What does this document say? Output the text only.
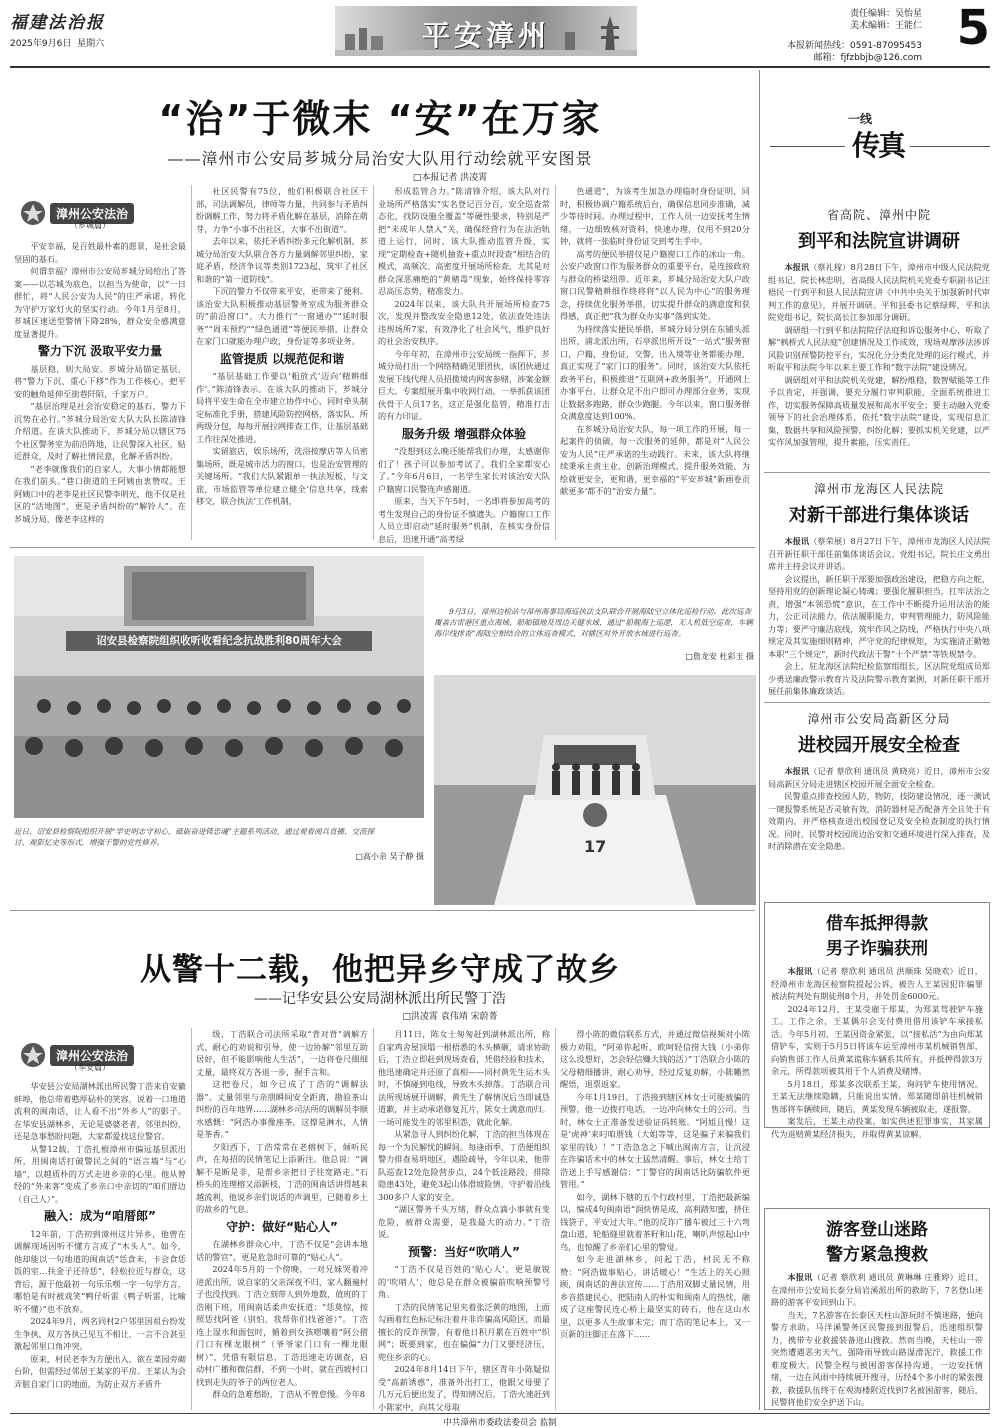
福建法治报
2025年9月6日 星期六	平安漳州
责任编辑：吴怡星
美术编辑：王能仁
本报新闻热线：0591-87095453
邮箱：fjfzbbjb@126.com
5
“治”于微末 “安”在万家
——漳州市公安局芗城分局治安大队用行动绘就平安图景
□本报记者 洪凌霄
漳州公安法治
（芗城篇）

平安幸福，是百姓最朴素的愿景，是社会最坚固的基石。

何谓幸福？漳州市公安局芗城分局给出了答案——以芯城为底色，以担当为使命，以“一日群忙，将“人民公安为人民”的庄严承诺，转化为守护万家灯火的坚实行动。今年1月至8月，芗城区速送型警情下降28%，群众安全感满意度显著提升。

警力下沉 汲取平安力量

基层稳，则大局安。芗城分局锚定基层，将“警力下沉、重心下移”作为工作核心，把平安的触角延伸至街巷阡陌，千家万户。

“基层治理是社会治安稳定的基石，警力下沉势在必行。”芗城分局治安大队大队长陈清锋介绍道。在该大队推动下，芗城分局以辖区75个社区警务室为前沿阵地，让民警深入社区，贴近群众，及时了解社情民意，化解矛盾纠纷。

“老李就像我们的自家人，大事小情都能想在我们前头。”巷口街道的王阿姨由衷赞叹。王阿姨口中的老李是社区民警李明光，他不仅是社区的“活地图”，更是矛盾纠纷的“解铃人”。在芗城分局，像老李这样的

社区民警有75位，他们积极联合社区干部，司法调解员，律师等力量，共同参与矛盾纠纷调解工作，努力将矛盾化解在基层，消除在萌芽，力争“小事不出社区，大事不出街道”。

去年以来，依托矛盾纠纷多元化解机制，芗城分局治安大队联合各方力量调解邻里纠纷，家庭矛盾，经济争议等类别1723起，筑牢了社区和谐的“第一道防线”。

下沉的警力不仅带来平安，更带来了便利。该治安大队积极推动基层警务室成为服务群众的“前沿窗口”，大力推行“一窗通办”“延时服务”“周末预约”“绿色通道”等便民举措，让群众在家门口就能办理户政，身份证等多项业务。

监管提质 以规范促和谐

“基层基础工作要以‘粗放式’迈向‘精耕细作’。”陈清锋表示。在该大队的推动下，芗城分局将平安生命在全市建立协作中心，同时牵头制定标准化手册，搭建风险防控网格，落实队、所两级分包，每每开展拉网排查工作，让基层基础工作往深处推进。

实留旅店，娱乐场所，洗浴按摩店等人员密集场所，既是城市活力的窗口，也是治安管理的关键场所。“我们大队紧跟单一执法短板，与文旅，市场监管等单位建立健全‘信息共享，线索移交，联合执法’工作机制，

形成监管合力。”陈清锋介绍，该大队对行业场所严格落实“实名登记百分百，安全巡查常态化，找防设施全覆盖”等硬性要求，特别是严把“未成年人禁入”关，确保经营行为在法治轨道上运行，同时，该大队推动监管升级，实现“定期检查+随机抽查+重点时段查”相结合的模式，高频次、高密度开展场所检查，尤其是对群众深恶痛绝的“黄赌毒”现象，始终保持零容忍高压态势，精准发力。

2024年以来，该大队共开展场所检查75次，发现并整改安全隐患12处，依法查处违法违规场所7家，有效净化了社会风气，维护良好的社会治安秩序。

今年年初，在漳州市公安局统一指挥下，芗城分局打出一个网络精确见罪团伙，该团伙通过发展下线代理人员招揽境内网客参赌，涉案金额巨大。专案组展开集中收网行动，一举抓获该团伙骨干人员17名，这正是强化监管，精准打击的有力印证。

服务升级 增强群众体验

“没想到这么晚还能帮我们办理，太感谢你们了！孩子可以参加考试了，我们全家都安心了。”今年6月6日，一名学生家长对该治安大队户籍窗口民警连声感谢道。

原来，当天下午5时，一名即将参加高考的考生发现自己的身份证不慎遗失。户籍窗口工作人员立即启动“延时服务”机制，在核实身份信息后，迅速开通“高考绿

色通道”，为该考生加急办理临时身份证明，同时，积极协调户籍系统后台，确保信息同步准确，减少等待时间。办理过程中，工作人员一边安抚考生情绪，一边细致核对资料，快速办理，仅用不到20分钟，就将一张临时身份证交到考生手中。

高考的便民举措仅是户籍窗口工作的冰山一角。公安户政窗口作为服务群众的重要平台，是连接政府与群众的桥梁纽带。近年来，芗城分局治安大队户政窗口民警精耕细作终将将“以人民为中心”的服务理念，持续优化服务举措，切实提升群众的满意度和获得感，真正把“我为群众办实事”落到实处。

为持续落实便民举措，芗城分局分别在东铺头派出所，浦北派出所，石亭派出所开设“一站式”服务窗口，户籍，身份证，交警，出入境等业务都能办理，真正实现了“家门口的服务”。同时，该治安大队依托政务平台，积极推进“互联网+政务服务”，开通网上办事平台，让群众足不出户即可办理部分业务，实现让数据多跑路，群众少跑腿。今年以来，窗口服务群众满意度达到100%。

在芗城分局治安大队，每一项工作的开展，每一起案件的侦破，每一次服务的延伸，都是对“人民公安为人民”庄严承诺的生动践行。未来，该大队将继续秉承主责主业，创新治理模式，提升服务效能，为绘就更安全，更和谐，更幸福的“平安芗城”新画卷贡献更多‘都不的“治安力量”。

诏安县检察院组织收听收看纪念抗战胜利80周年大会
近日，诏安县检察院组织开展“学史明志守初心，砥砺奋进铸忠魂”主题系列活动，通过观看阅兵直播、交流探讨、观影忆史等形式，增强干警的党性修养。
□高小亲 吴子静 摄
9月3日，漳州边检站与漳州海事局海巡执法支队联合开展海陆空立体化巡检行动。此次巡查覆盖古雷港区重点海域、船舶锚地及周边关键水域，通过“船舰海上巡逻，无人机低空巡查，车辆海岸线排查”海陆空相结合的立体巡查模式，对辖区对外开放水域进行巡查。
□詹龙安 杜彩玉 摄
17
从警十二载，他把异乡守成了故乡
——记华安县公安局湖林派出所民警丁浩
□洪凌霄 袁伟靖 宋蔚菁
漳州公安法治
（华安篇）

华安县公安局湖林派出所民警丁浩来自安徽蚌埠，他总带着憨厚砧朴的笑容，说着一口地道流利的闽南话，让人看不出“外乡人”的影子。在华安县湖林乡，无论是婆婆老者，邻里纠纷，还是急事愁盼问题，大家都爱找这位警官。

从警12载，丁浩扎根漳州市偏远基层派出所，用闽南话打破警民之间的“语言墙”与“心墙”，以越质朴的方式走进乡亲的心里。他从曾经的“外来客”变成了乡亲口中亲切的“咱们厝边（自己人）”。

融入：成为“咱厝郎”

12年前，丁浩初到漳州这片异乡，他曾在调解现场因听不懂方言成了“木头人”。如今，他却能以一句地道的闽南话“恁食未，卡会食恁饭的室…扶金子还待恁”，轻松拉近与群众，这背后，源于他最初一句乐乐嘿一字一句学方言，哪怕是有时被戏笑“鸭仔听雷（鸭子听雷，比喻听不懂）”也不放弃。

2024年9月，两名同村2户邻里因祖台纷发生争执，双方各执己见互不相让，一言不合甚至激起邻里口角冲突。

原来，村民老李为方便出入，欲在菜园旁砌台阶，但需经过邻居王某家的平房。王某认为会弄脏自家门口的地面，为防止双方矛盾升

级，丁浩联合司法所采取“背对背”调解方式，耐心的劝说和引导，使一边协解”邻里互助居好，但不能影响他人生活”，一边将卷尺细细丈量，最终双方各退一步，握手言和。

这把卷尺，如今已成了丁浩的“调解法器”。丈量邻里与亲朋瞬间安全距离，勘验茶山纠纷的百年地界……湖林乡司法所的调解员李顺水感慨：“阿浩办事像座茶，这撑是淋水，人情是茶香。”

夕阳西下，丁浩常常在老榕树下，倾听民声，在每招的民情笔记上添新注。他总说：“调解不是断是非，是帮乡亲把日子往宽路走。”石桥头的连理榕又添新枝，丁浩的闽南话讲得越来越流利，他说乡亲们说话的声调里，已随着乡土的故乡的气息。

守护：做好“贴心人”

在湖林乡群众心中，丁浩不仅是“会讲本地话的警官”，更是危急时可靠的“贴心人”。

2024年5月的一个傍晚，一对兄妹哭着冲进派出所，说自家的父亲深夜不归，家人翻遍村子也没找到。丁浩立刻带人到外地数，值班的丁浩刚下班，用闽南话柔声安抚道：“恁莫惊，按照恁找阿爸（别怕，我帮你们找爸爸）”。丁浩连上湿水和面包时，循着到女孩嗯嚷着“阿公摺门口有棵龙眼树”（爷爷家门口有一棵龙眼树）”，凭借有限信息，丁浩迅速走访调查，启动村广播和微信群，不到一小时，就在西坡村口找到走失的爷子的两位老人。

群众的急难愁盼，丁浩从不曾怠慢。今年8

月11日，陈女士匆匆赶到湖林派出所，称自家鸡舍屋顶塌一根梧悉的木头横砸，请求协助后，丁浩立即赶到现场查看，凭借经验和技术，他迅速确定并还原了真相——同村黄先生运木头时，不慎碰到电线，导致木头掉落。丁浩联合司法所现场展开调解，黄先生了解情况后当即诚恳道歉，并主动承诺修复瓦片，陈女士满意而归。一场可能发生的邻里积怨，就此化解。

从紧急寻人到纠纷化解，丁浩的担当体现在每一个为民解忧的瞬间。每逢雨季，丁浩便组织警力排查易坍地区，遇险疏导，今年以来，他带队巡查12处危险营步点，24个低洼路段，排除隐患43处，避免3起山体滑坡险情，守护着沿线300多户人家的安全。

“湖区警务千头万绪，群众点滴小事就有变危险，被群众需要，是我最大的动力。”丁浩说。

预警：当好“吹哨人”

“丁浩不仅是百姓的‘贴心人’，更是敏锐的‘吹哨人’，他总是在群众被骗前吹响预警号角。

丁浩的民情笔记里夹着张泛黄的地图，上面勾画着红色标记标注着并非诈骗高风险区，而最擅长的反诈预警，有着他日积月累在百姓中“织网”；既要到家，也在偏偏“力门又要经济压，兜住乡亲的心。

2024年8月14日下午，辖区青年小陈疑似受“高薪诱惑”，准备外出打工，他跟父母要了几万元后便出发了，得知情况后，丁浩火速赶到小陈家中，向其父母取

得小陈的微信联系方式，并通过微信视频对小陈极力劝阻，“阿弟你起听，欧呵轻信捞大钱（小弟你这么没想好，怎会轻信赚大钱的活）”丁浩联合小陈的父母精细播讲，耐心劝导，经过反复劝解，小陈幡然醒悟，退票返家。

今年1月19日，丁浩接到辖区林女士可能被骗的预警，他一边拨打电话，一边冲向林女士的公司。当时，林女士正准备发送验证码转账。“阿姐且慢！这是‘虎神’来叼咱厝钱（大姐等等，这是骗子来骗我们家里的钱）！”丁浩急急之下喊出闽南方言，让沉浸在诈骗话术中的林女士猛然清醒。事后，林女士给丁浩送上手写感谢信：“丁警官的闽南话比防骗软件更管用。”

如今，湖林下辖的五个行政村里，丁浩把最新编以，编成4句闽南语“润快情是成，高利踏知蜜，挤住钱袋子，平安过大年。”他的反诈广播车被过三十六弯盘山道，轮船缝里就着茶籽和山花，喇叭声惊起山中鸟，也惊醒了乡亲们心里的警觉。

如今走进湖林乡，问起丁浩，村民无不称赞：“阿浩做事贴心，讲话暖心！”生活上的关心照顾，闽南话的善法宣传……丁浩用双脚丈量民情，用乡音搭建民心，把陆南人的朴实和闽南人的热忱，融成了这座警民连心桥上最坚实的砖石，他在这山水里，以更多人生故事未完；而丁浩的笔记本上，又一页新的注脚正在落下……

一线
传真
省高院、漳州中院
到平和法院宣讲调研

本报讯（蔡礼稼）8月28日下午，漳州市中级人民法院党组书记，院长林忠明，省高级人民法院机关党委专职副书记汪梧民一行到平和县人民法院宣讲《中共中央关于加强新时代审判工作的意见》，并展开调研。平和县委书记蔡绿辉，平和法院党组书记，院长高长江参加部分调研。

调研组一行到平和法院院仔法庭和诉讼服务中心，听取了解“枫桥式人民法庭”创建情况及工作成效，现场观摩涉法涉诉风险识别预警防控平台，实况化分分类化处理的运行模式，并听取平和法院今年以来主要工作和“数字法院”建设情况。

调研组对平和法院机关党建，解纷维稳，数智赋能等工作予以肯定，并强调，要充分履行审判职能，全面系统推进工作，切实服务保障高质量发展和高水平安全；要主动融入党委领导下的社会治理体系，依托“数字法院”建设，实现信息汇集，数据共享和风险预警，纠纷化解；要抓实机关党建，以严实作风加强管理，提升素能，压实责任。

漳州市龙海区人民法院
对新干部进行集体谈话

本报讯（蔡荣展）8月27日下午，漳州市龙海区人民法院召开新任职干部任前集体谈话会议。党组书记，院长庄文勇出席并主持会议并讲话。

会议提出，新任职干部要加强政治建设，把稳方向之舵，坚持用党的创新理论凝心铸魂；要强化履职担当，扛牢法治之责，增强“本领恐慌”意识，在工作中不断提升运用法治的能力，公正司法能力，依法履职能力，审判管理能力，防风险能力等；要严守廉洁底线，筑牢作风之防线，严格执行中央八项规定及其实施细则精神，严守党的纪律规矩，为实施清正勤勉本职“三个规定”，新时代政法干警“十个严禁”等铁规禁令。

会上，驻龙海区法院纪检监察组组长，区法院党组成员郑少勇送廉政警示教育片及法院警示教育案例，对新任职干部开展任前集体廉政谈话。

漳州市公安局高新区分局
进校园开展安全检查

本报讯（记者 蔡欣利 通讯员 黄晓亮）近日，漳州市公安局高新区分局走进辖区校园开展全面安全检查。

民警重点排查校园人防，物防，技防建设情况，逐一测试一键报警系统是否灵敏有效，消防器材是否配备齐全且处于有效期内，并严格核查进出校园登记及安全检查制度的执行情况。同时，民警对校园周边治安和交通环境进行深入排查，及时消除潜在安全隐患。

借车抵押得款
男子诈骗获刑

本报讯（记者 蔡欣利 通讯员 洪顺珠 吴晓欢）近日，经漳州市龙海区检察院提起公诉，被告人王某因犯诈骗罪被法院判处有期徒刑8个月，并处罚金6000元。

2024年12月，王某受雇于郑某，为郑某驾驶铲车施工。工作之余，王某偶尔会支付费用借用该铲车承接私活。今年5月初，王某因资金紧张，以“接私活”为由向郑某借铲车，实则于5月5日将该车运至漳州市某机械销售部，向销售部工作人员黄某谎称车辆系其所有，并抵押得款3万余元，所得款项被其用于个人消费及赌博。

5月18日，郑某多次联系王某，询问铲车使用情况。王某无法继续隐瞒，只能说出实情。郑某随即前往机械销售部将车辆赎回，随后，黄某发现车辆被取走，遂报警。

案发后，王某主动投案，如实供述犯罪事实，其家属代为退赔黄某经济损失，并取得黄某谅解。

游客登山迷路
警方紧急搜救

本报讯（记者 蔡欣利 通讯员 黄琳琳 庄雅婷）近日，在漳州市公安局长泰分局岩溪派出所的救助下，7名登山迷路的游客平安回到山下。

当天，7名游客在长泰区天柱山游玩时不慎迷路，便向警方求助。马洋溪警务区民警接到报警后，迅速组织警力，携带专业救援装备进山搜救。然而当晚，天柱山一带突然遭遇恶劣天气，强降雨导致山路湿滑泥泞，救援工作难度极大。民警全程与被困游客保持沟通，一边安抚情绪，一边在风雨中持续展开搜寻，历经4个多小时的紧张搜救，救援队伍终于在观海楼附近找到7名被困游客，随后，民警将他们安全护送下山。

中共漳州市委政法委员会 监制
